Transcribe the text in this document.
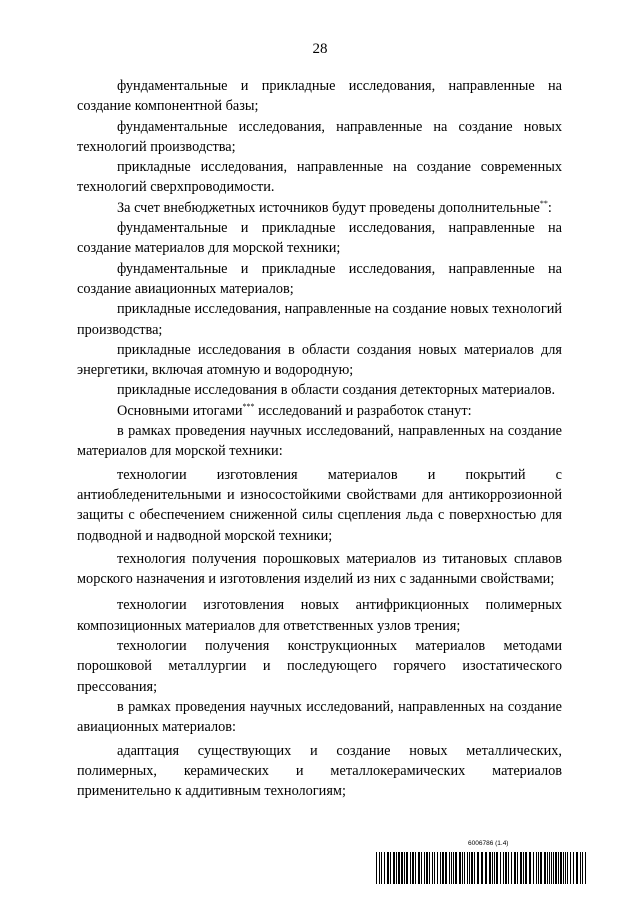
28

фундаментальные и прикладные исследования, направленные на создание компонентной базы;

фундаментальные исследования, направленные на создание новых технологий производства;

прикладные исследования, направленные на создание современных технологий сверхпроводимости.

За счет внебюджетных источников будут проведены дополнительные**:

фундаментальные и прикладные исследования, направленные на создание материалов для морской техники;

фундаментальные и прикладные исследования, направленные на создание авиационных материалов;

прикладные исследования, направленные на создание новых технологий производства;

прикладные исследования в области создания новых материалов для энергетики, включая атомную и водородную;

прикладные исследования в области создания детекторных материалов.

Основными итогами*** исследований и разработок станут:

в рамках проведения научных исследований, направленных на создание материалов для морской техники:

технологии изготовления материалов и покрытий с антиобледенительными и износостойкими свойствами для антикоррозионной защиты с обеспечением сниженной силы сцепления льда с поверхностью для подводной и надводной морской техники;

технология получения порошковых материалов из титановых сплавов морского назначения и изготовления изделий из них с заданными свойствами;

технологии изготовления новых антифрикционных полимерных композиционных материалов для ответственных узлов трения;

технологии получения конструкционных материалов методами порошковой металлургии и последующего горячего изостатического прессования;

в рамках проведения научных исследований, направленных на создание авиационных материалов:

адаптация существующих и создание новых металлических, полимерных, керамических и металлокерамических материалов применительно к аддитивным технологиям;

6006786 (1.4)
